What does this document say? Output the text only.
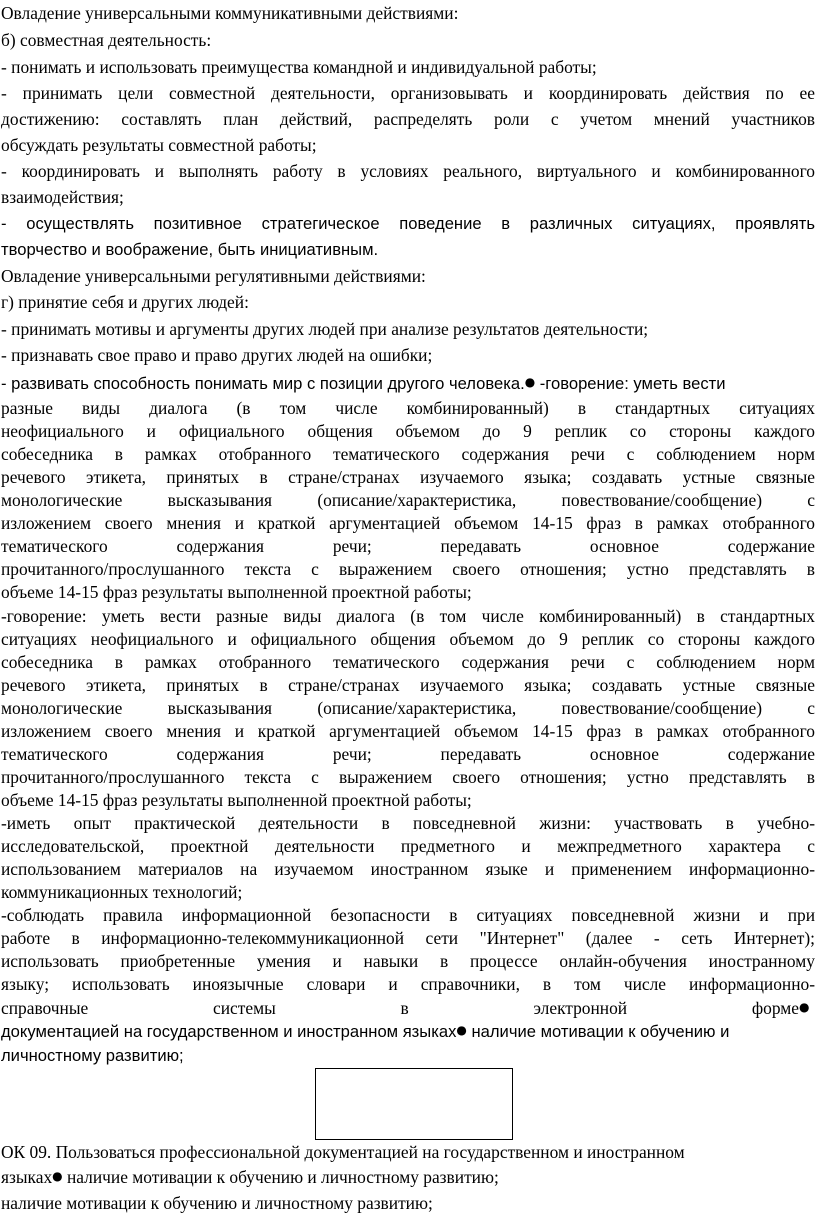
Овладение универсальными коммуникативными действиями:
б) совместная деятельность:
- понимать и использовать преимущества командной и индивидуальной работы;
- принимать цели совместной деятельности, организовывать и координировать действия по ее
достижению: составлять план действий, распределять роли с учетом мнений участников
обсуждать результаты совместной работы;
- координировать и выполнять работу в условиях реального, виртуального и комбинированного
взаимодействия;
- осуществлять позитивное стратегическое поведение в различных ситуациях, проявлять
творчество и воображение, быть инициативным.
Овладение универсальными регулятивными действиями:
г) принятие себя и других людей:
- принимать мотивы и аргументы других людей при анализе результатов деятельности;
- признавать свое право и право других людей на ошибки;
- развивать способность понимать мир с позиции другого человека.● -говорение: уметь вести
разные виды диалога (в том числе комбинированный) в стандартных ситуациях
неофициального и официального общения объемом до 9 реплик со стороны каждого
собеседника в рамках отобранного тематического содержания речи с соблюдением норм
речевого этикета, принятых в стране/странах изучаемого языка; создавать устные связные
монологические высказывания (описание/характеристика, повествование/сообщение) с
изложением своего мнения и краткой аргументацией объемом 14-15 фраз в рамках отобранного
тематического содержания речи; передавать основное содержание
прочитанного/прослушанного текста с выражением своего отношения; устно представлять в
объеме 14-15 фраз результаты выполненной проектной работы;
-говорение: уметь вести разные виды диалога (в том числе комбинированный) в стандартных
ситуациях неофициального и официального общения объемом до 9 реплик со стороны каждого
собеседника в рамках отобранного тематического содержания речи с соблюдением норм
речевого этикета, принятых в стране/странах изучаемого языка; создавать устные связные
монологические высказывания (описание/характеристика, повествование/сообщение) с
изложением своего мнения и краткой аргументацией объемом 14-15 фраз в рамках отобранного
тематического содержания речи; передавать основное содержание
прочитанного/прослушанного текста с выражением своего отношения; устно представлять в
объеме 14-15 фраз результаты выполненной проектной работы;
-иметь опыт практической деятельности в повседневной жизни: участвовать в учебно-
исследовательской, проектной деятельности предметного и межпредметного характера с
использованием материалов на изучаемом иностранном языке и применением информационно-
коммуникационных технологий;
-соблюдать правила информационной безопасности в ситуациях повседневной жизни и при
работе в информационно-телекоммуникационной сети "Интернет" (далее - сеть Интернет);
использовать приобретенные умения и навыки в процессе онлайн-обучения иностранному
языку; использовать иноязычные словари и справочники, в том числе информационно-
справочные системы в электронной форме●
документацией на государственном и иностранном языках● наличие мотивации к обучению и
личностному развитию;
ОК 09. Пользоваться профессиональной документацией на государственном и иностранном
языках● наличие мотивации к обучению и личностному развитию;
наличие мотивации к обучению и личностному развитию;
